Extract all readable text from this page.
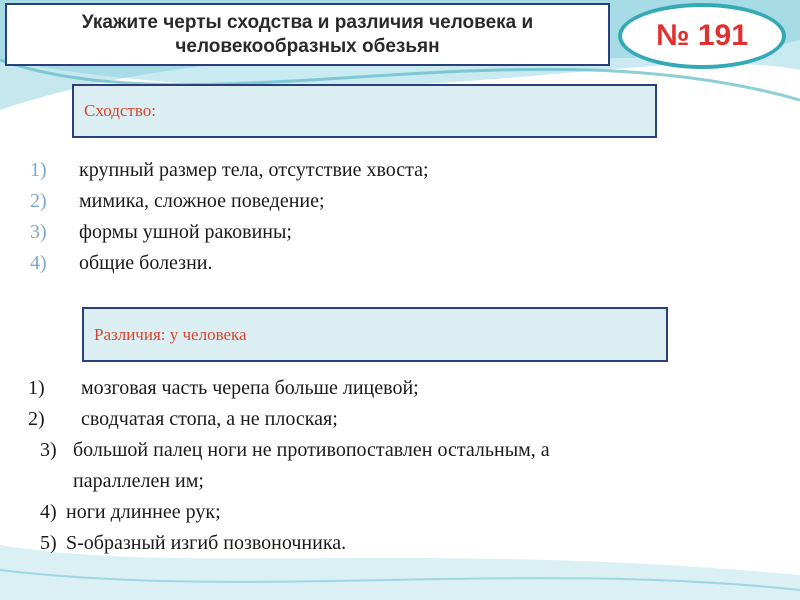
Укажите черты сходства и различия человека и
человекообразных обезьян	№ 191
Сходство:
1)	крупный размер тела, отсутствие хвоста;
2)	мимика, сложное поведение;
3)	формы ушной раковины;
4)	общие болезни.
Различия: у человека
1) мозговая часть черепа больше лицевой;
2) сводчатая стопа, а не плоская;
3) большой палец ноги не противопоставлен остальным, а
параллелен им;
4) ноги длиннее рук;
5) S-образный изгиб позвоночника.
